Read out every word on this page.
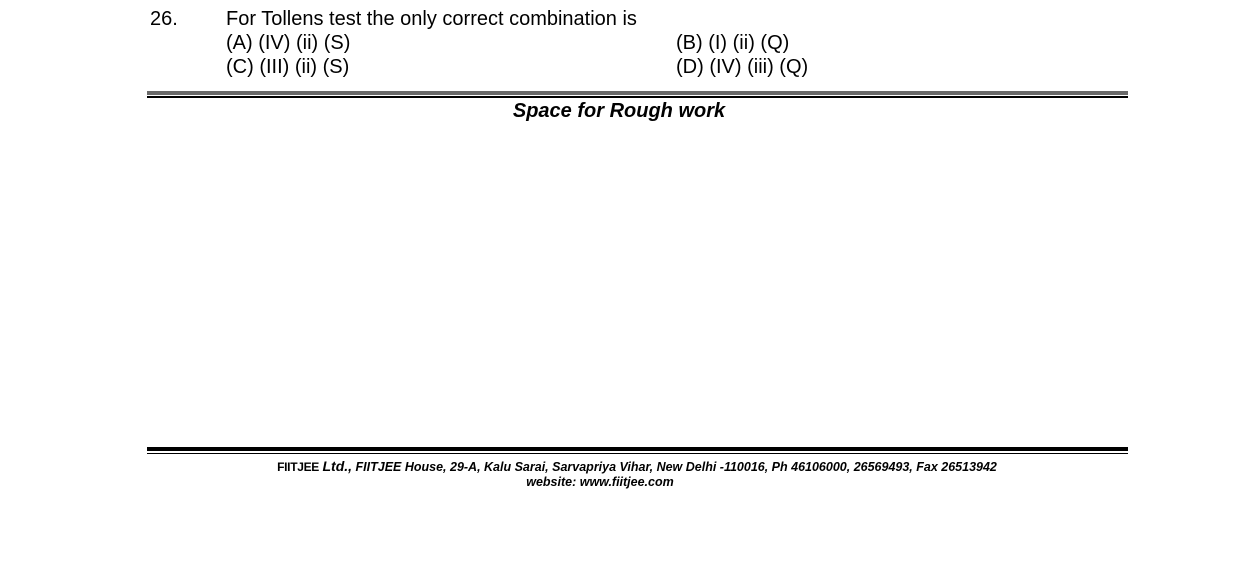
26. For Tollens test the only correct combination is
(A) (IV) (ii) (S)	(B) (I) (ii) (Q)
(C) (III) (ii) (S)	(D) (IV) (iii) (Q)
Space for Rough work
FIITJEE Ltd., FIITJEE House, 29-A, Kalu Sarai, Sarvapriya Vihar, New Delhi -110016, Ph 46106000, 26569493, Fax 26513942
website: www.fiitjee.com
